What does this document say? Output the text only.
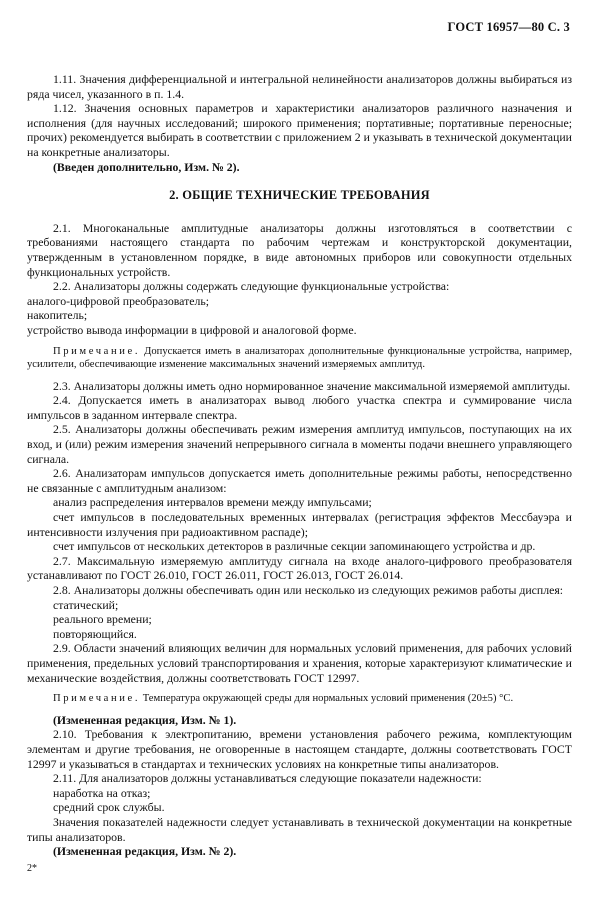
ГОСТ 16957—80 С. 3

1.11. Значения дифференциальной и интегральной нелинейности анализаторов должны выбираться из ряда чисел, указанного в п. 1.4.

1.12. Значения основных параметров и характеристики анализаторов различного назначения и исполнения (для научных исследований; широкого применения; портативные; портативные переносные; прочих) рекомендуется выбирать в соответствии с приложением 2 и указывать в технической документации на конкретные анализаторы.

(Введен дополнительно, Изм. № 2).

2. ОБЩИЕ ТЕХНИЧЕСКИЕ ТРЕБОВАНИЯ

2.1. Многоканальные амплитудные анализаторы должны изготовляться в соответствии с требованиями настоящего стандарта по рабочим чертежам и конструкторской документации, утвержденным в установленном порядке, в виде автономных приборов или совокупности отдельных функциональных устройств.

2.2. Анализаторы должны содержать следующие функциональные устройства:

аналого-цифровой преобразователь;

накопитель;

устройство вывода информации в цифровой и аналоговой форме.

Примечание. Допускается иметь в анализаторах дополнительные функциональные устройства, например, усилители, обеспечивающие изменение максимальных значений измеряемых амплитуд.

2.3. Анализаторы должны иметь одно нормированное значение максимальной измеряемой амплитуды.

2.4. Допускается иметь в анализаторах вывод любого участка спектра и суммирование числа импульсов в заданном интервале спектра.

2.5. Анализаторы должны обеспечивать режим измерения амплитуд импульсов, поступающих на их вход, и (или) режим измерения значений непрерывного сигнала в моменты подачи внешнего управляющего сигнала.

2.6. Анализаторам импульсов допускается иметь дополнительные режимы работы, непосредственно не связанные с амплитудным анализом:

анализ распределения интервалов времени между импульсами;

счет импульсов в последовательных временных интервалах (регистрация эффектов Мессбауэра и интенсивности излучения при радиоактивном распаде);

счет импульсов от нескольких детекторов в различные секции запоминающего устройства и др.

2.7. Максимальную измеряемую амплитуду сигнала на входе аналого-цифрового преобразователя устанавливают по ГОСТ 26.010, ГОСТ 26.011, ГОСТ 26.013, ГОСТ 26.014.

2.8. Анализаторы должны обеспечивать один или несколько из следующих режимов работы дисплея:

статический;

реального времени;

повторяющийся.

2.9. Области значений влияющих величин для нормальных условий применения, для рабочих условий применения, предельных условий транспортирования и хранения, которые характеризуют климатические и механические воздействия, должны соответствовать ГОСТ 12997.

Примечание. Температура окружающей среды для нормальных условий применения (20±5) °С.

(Измененная редакция, Изм. № 1).

2.10. Требования к электропитанию, времени установления рабочего режима, комплектующим элементам и другие требования, не оговоренные в настоящем стандарте, должны соответствовать ГОСТ 12997 и указываться в стандартах и технических условиях на конкретные типы анализаторов.

2.11. Для анализаторов должны устанавливаться следующие показатели надежности:

наработка на отказ;

средний срок службы.

Значения показателей надежности следует устанавливать в технической документации на конкретные типы анализаторов.

(Измененная редакция, Изм. № 2).

2*
